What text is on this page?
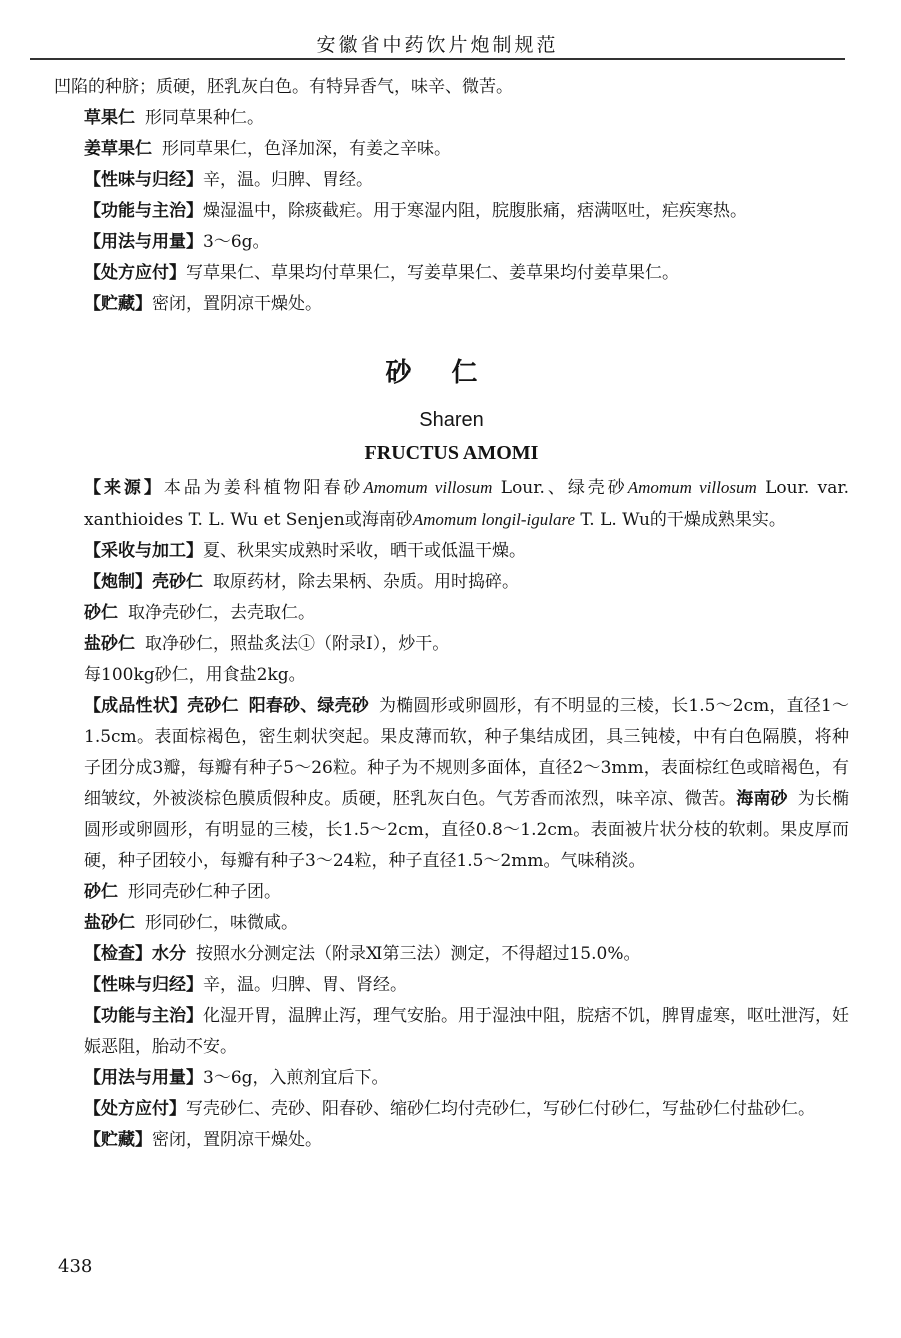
安徽省中药饮片炮制规范

凹陷的种脐；质硬，胚乳灰白色。有特异香气，味辛、微苦。

草果仁 形同草果种仁。

姜草果仁 形同草果仁，色泽加深，有姜之辛味。

【性味与归经】辛，温。归脾、胃经。

【功能与主治】燥湿温中，除痰截疟。用于寒湿内阻，脘腹胀痛，痞满呕吐，疟疾寒热。

【用法与用量】3～6g。

【处方应付】写草果仁、草果均付草果仁，写姜草果仁、姜草果均付姜草果仁。

【贮藏】密闭，置阴凉干燥处。

砂仁
Sharen
FRUCTUS AMOMI

【来源】本品为姜科植物阳春砂Amomum villosum Lour.、绿壳砂Amomum villosum Lour. var. xanthioides T. L. Wu et Senjen或海南砂Amomum longil-igulare T. L. Wu的干燥成熟果实。

【采收与加工】夏、秋果实成熟时采收，晒干或低温干燥。

【炮制】壳砂仁 取原药材，除去果柄、杂质。用时捣碎。

砂仁 取净壳砂仁，去壳取仁。

盐砂仁 取净砂仁，照盐炙法①（附录Ⅰ），炒干。

每100kg砂仁，用食盐2kg。

【成品性状】壳砂仁 阳春砂、绿壳砂 为椭圆形或卵圆形，有不明显的三棱，长1.5～2cm，直径1～1.5cm。表面棕褐色，密生刺状突起。果皮薄而软，种子集结成团，具三钝棱，中有白色隔膜，将种子团分成3瓣，每瓣有种子5～26粒。种子为不规则多面体，直径2～3mm，表面棕红色或暗褐色，有细皱纹，外被淡棕色膜质假种皮。质硬，胚乳灰白色。气芳香而浓烈，味辛凉、微苦。海南砂 为长椭圆形或卵圆形，有明显的三棱，长1.5～2cm，直径0.8～1.2cm。表面被片状分枝的软刺。果皮厚而硬，种子团较小，每瓣有种子3～24粒，种子直径1.5～2mm。气味稍淡。

砂仁 形同壳砂仁种子团。

盐砂仁 形同砂仁，味微咸。

【检查】水分 按照水分测定法（附录Ⅺ第三法）测定，不得超过15.0%。

【性味与归经】辛，温。归脾、胃、肾经。

【功能与主治】化湿开胃，温脾止泻，理气安胎。用于湿浊中阻，脘痞不饥，脾胃虚寒，呕吐泄泻，妊娠恶阻，胎动不安。

【用法与用量】3～6g，入煎剂宜后下。

【处方应付】写壳砂仁、壳砂、阳春砂、缩砂仁均付壳砂仁，写砂仁付砂仁，写盐砂仁付盐砂仁。

【贮藏】密闭，置阴凉干燥处。

438
